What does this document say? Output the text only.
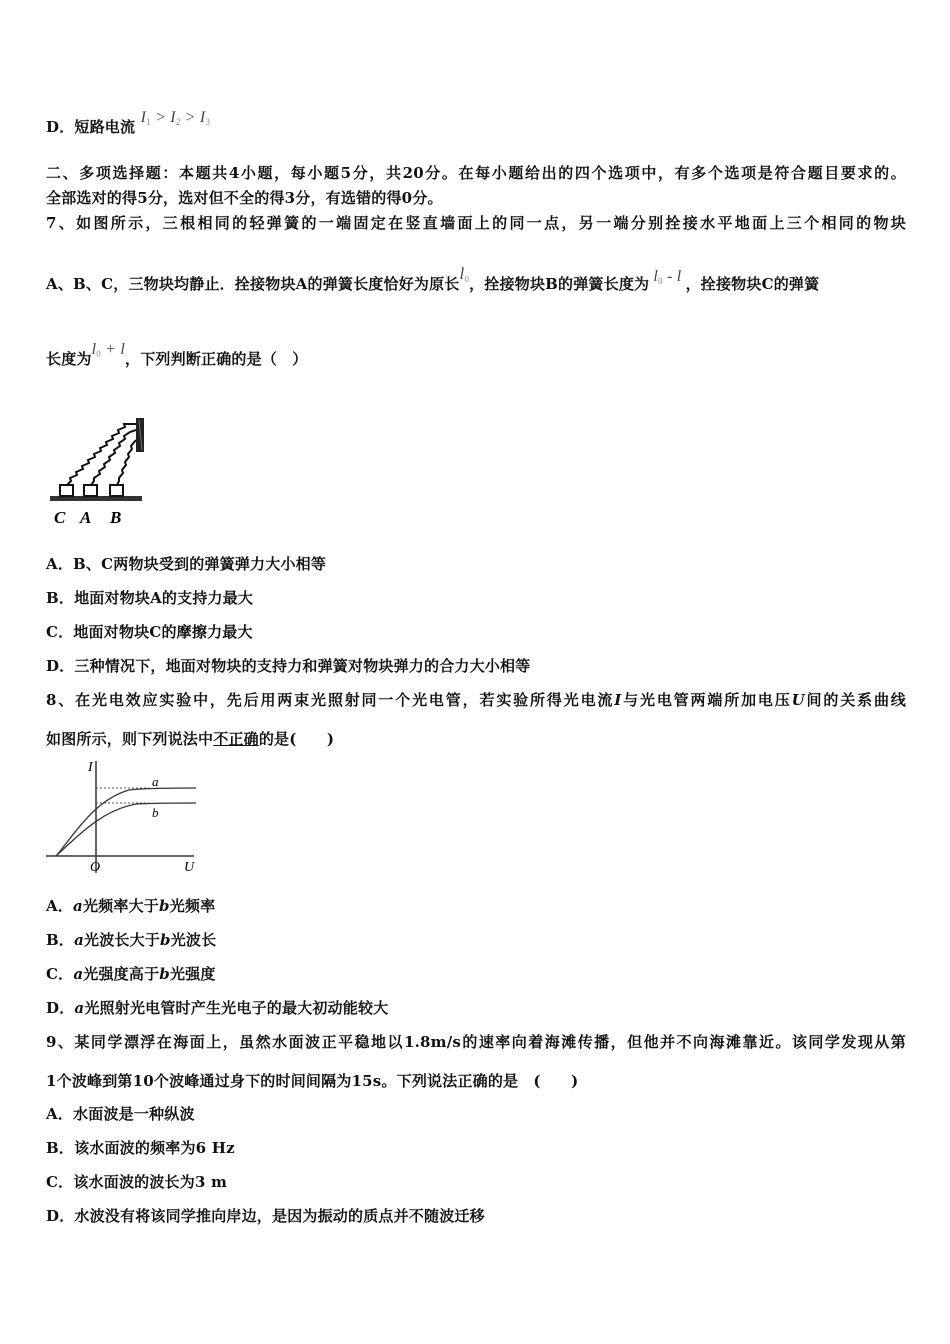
D．短路电流 $I_1 > I_2 > I_3$
二、多项选择题：本题共4小题，每小题5分，共20分。在每小题给出的四个选项中，有多个选项是符合题目要求的。
全部选对的得5分，选对但不全的得3分，有选错的得0分。
7、如图所示，三根相同的轻弹簧的一端固定在竖直墙面上的同一点，另一端分别拴接水平地面上三个相同的物块
A、B、C，三物块均静止．拴接物块A的弹簧长度恰好为原长$l_0$，拴接物块B的弹簧长度为 $l_0$ - l ，拴接物块C的弹簧
长度为$l_0 + l$，下列判断正确的是（　）
C A B
A．B、C两物块受到的弹簧弹力大小相等
B．地面对物块A的支持力最大
C．地面对物块C的摩擦力最大
D．三种情况下，地面对物块的支持力和弹簧对物块弹力的合力大小相等
8、在光电效应实验中，先后用两束光照射同一个光电管，若实验所得光电流I与光电管两端所加电压U间的关系曲线
如图所示，则下列说法中不正确的是(　　)
I
U
O
a
b
A．a光频率大于b光频率
B．a光波长大于b光波长
C．a光强度高于b光强度
D．a光照射光电管时产生光电子的最大初动能较大
9、某同学漂浮在海面上，虽然水面波正平稳地以1.8m/s的速率向着海滩传播，但他并不向海滩靠近。该同学发现从第
1个波峰到第10个波峰通过身下的时间间隔为15s。下列说法正确的是　(　　)
A．水面波是一种纵波
B．该水面波的频率为6 Hz
C．该水面波的波长为3 m
D．水波没有将该同学推向岸边，是因为振动的质点并不随波迁移
